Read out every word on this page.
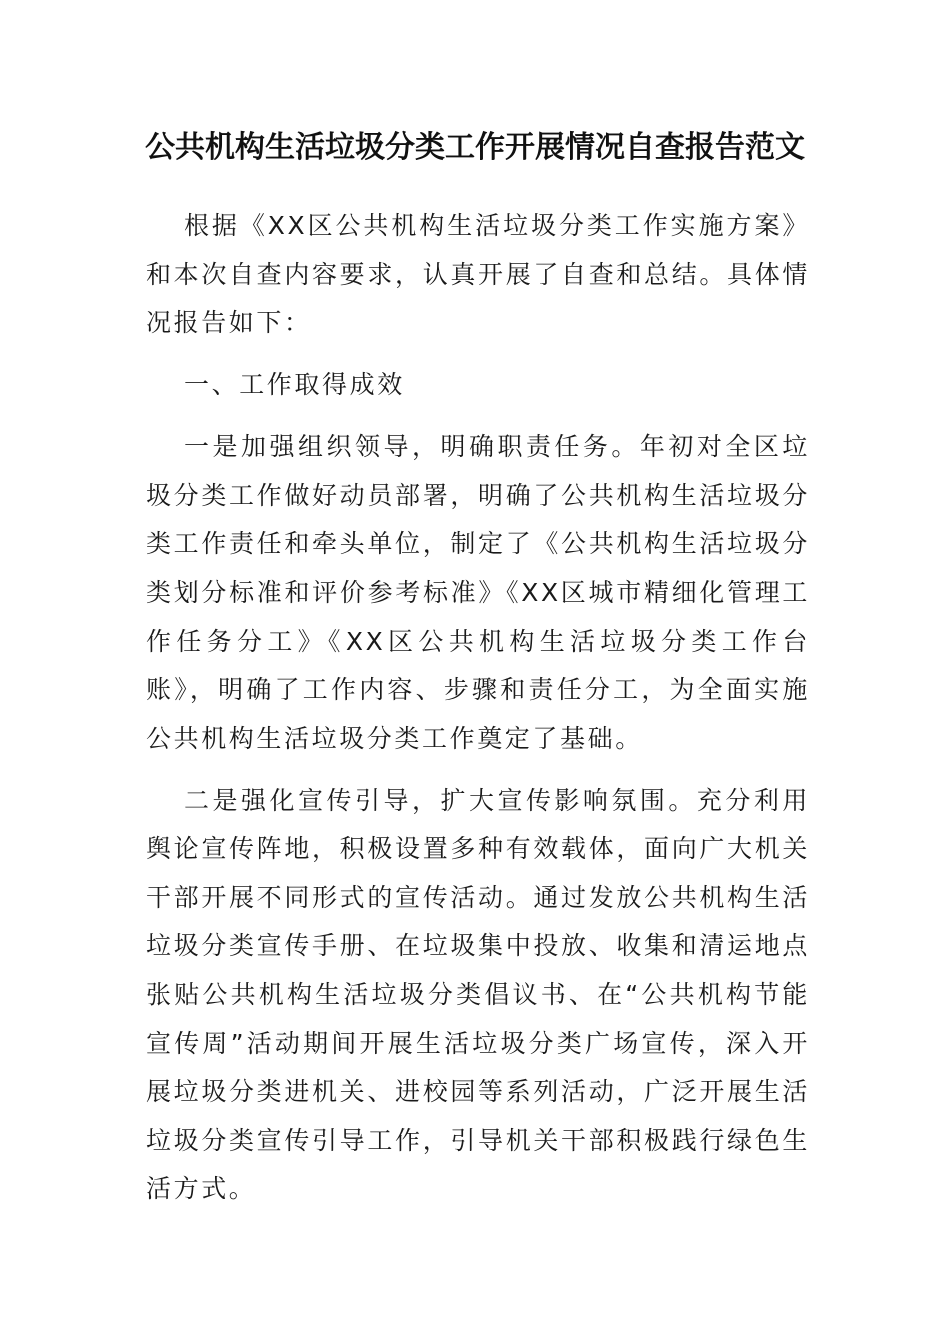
公共机构生活垃圾分类工作开展情况自查报告范文

根据《XX区公共机构生活垃圾分类工作实施方案》和本次自查内容要求，认真开展了自查和总结。具体情况报告如下：

一、工作取得成效

一是加强组织领导，明确职责任务。年初对全区垃圾分类工作做好动员部署，明确了公共机构生活垃圾分类工作责任和牵头单位，制定了《公共机构生活垃圾分类划分标准和评价参考标准》《XX区城市精细化管理工作任务分工》《XX区公共机构生活垃圾分类工作台账》，明确了工作内容、步骤和责任分工，为全面实施公共机构生活垃圾分类工作奠定了基础。

二是强化宣传引导，扩大宣传影响氛围。充分利用舆论宣传阵地，积极设置多种有效载体，面向广大机关干部开展不同形式的宣传活动。通过发放公共机构生活垃圾分类宣传手册、在垃圾集中投放、收集和清运地点张贴公共机构生活垃圾分类倡议书、在“公共机构节能宣传周”活动期间开展生活垃圾分类广场宣传，深入开展垃圾分类进机关、进校园等系列活动，广泛开展生活垃圾分类宣传引导工作，引导机关干部积极践行绿色生活方式。
